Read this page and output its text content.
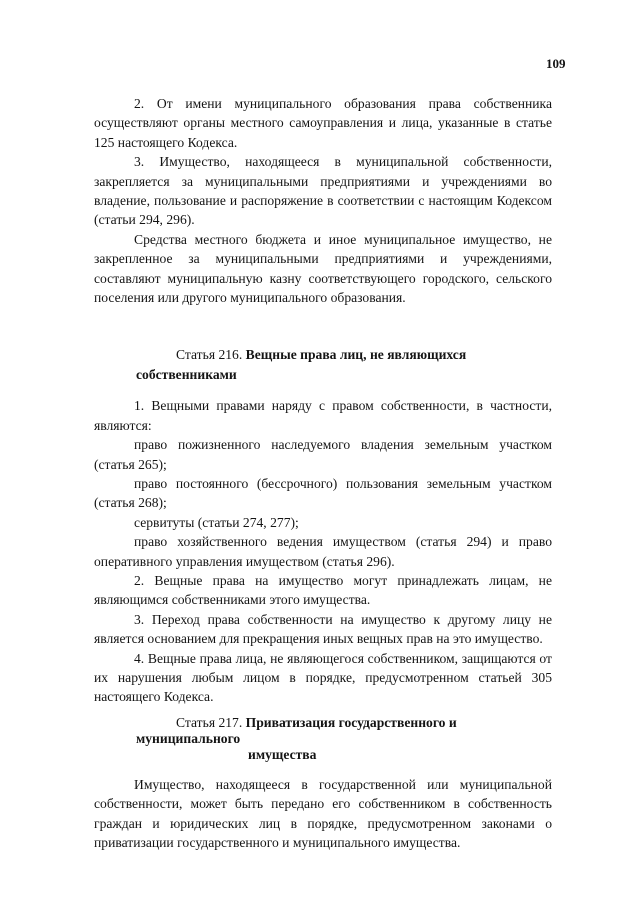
109

2. От имени муниципального образования права собственника осуществляют органы местного самоуправления и лица, указанные в статье 125 настоящего Кодекса.

3. Имущество, находящееся в муниципальной собственности, закрепляется за муниципальными предприятиями и учреждениями во владение, пользование и распоряжение в соответствии с настоящим Кодексом (статьи 294, 296).

Средства местного бюджета и иное муниципальное имущество, не закрепленное за муниципальными предприятиями и учреждениями, составляют муниципальную казну соответствующего городского, сельского поселения или другого муниципального образования.

Статья 216. Вещные права лиц, не являющихся собственниками

1. Вещными правами наряду с правом собственности, в частности, являются:

право пожизненного наследуемого владения земельным участком (статья 265);

право постоянного (бессрочного) пользования земельным участком (статья 268);

сервитуты (статьи 274, 277);

право хозяйственного ведения имуществом (статья 294) и право оперативного управления имуществом (статья 296).

2. Вещные права на имущество могут принадлежать лицам, не являющимся собственниками этого имущества.

3. Переход права собственности на имущество к другому лицу не является основанием для прекращения иных вещных прав на это имущество.

4. Вещные права лица, не являющегося собственником, защищаются от их нарушения любым лицом в порядке, предусмотренном статьей 305 настоящего Кодекса.

Статья 217. Приватизация государственного и муниципального

имущества

Имущество, находящееся в государственной или муниципальной собственности, может быть передано его собственником в собственность граждан и юридических лиц в порядке, предусмотренном законами о приватизации государственного и муниципального имущества.
